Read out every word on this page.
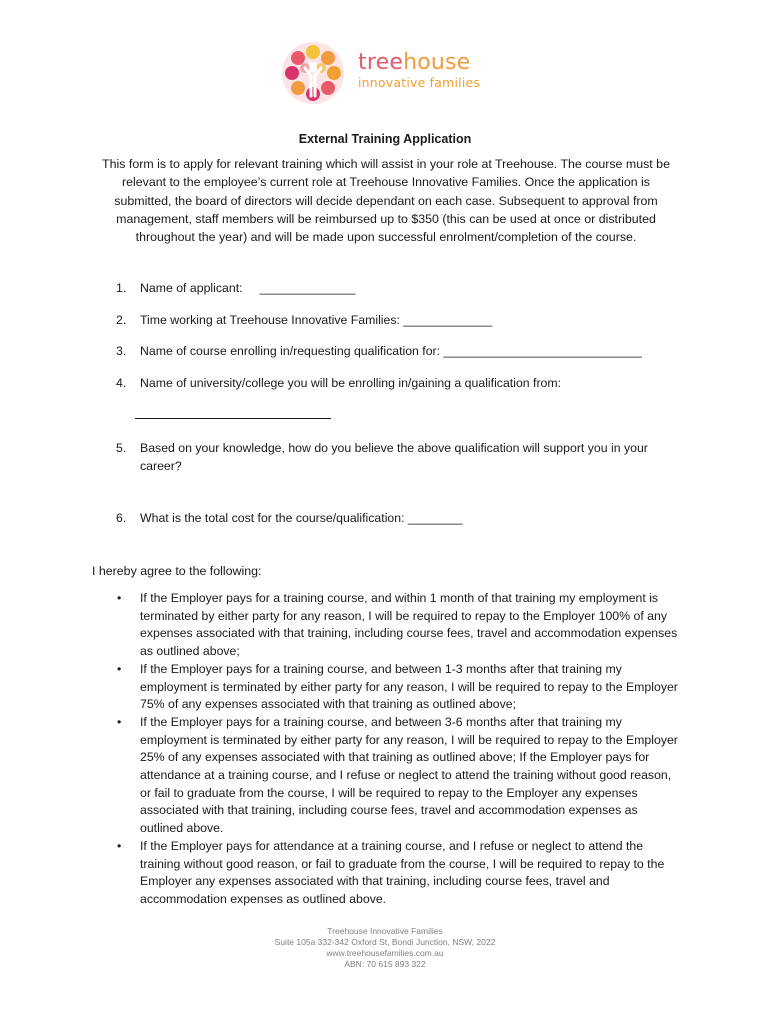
treehouse
innovative families
External Training Application
This form is to apply for relevant training which will assist in your role at Treehouse. The course must be relevant to the employee’s current role at Treehouse Innovative Families. Once the application is submitted, the board of directors will decide dependant on each case. Subsequent to approval from management, staff members will be reimbursed up to $350 (this can be used at once or distributed throughout the year) and will be made upon successful enrolment/completion of the course.
1. Name of applicant:     ______________
2. Time working at Treehouse Innovative Families: _____________
3. Name of course enrolling in/requesting qualification for: _____________________________
4. Name of university/college you will be enrolling in/gaining a qualification from:
5. Based on your knowledge, how do you believe the above qualification will support you in your career?
6. What is the total cost for the course/qualification: ________
I hereby agree to the following:
• If the Employer pays for a training course, and within 1 month of that training my employment is terminated by either party for any reason, I will be required to repay to the Employer 100% of any expenses associated with that training, including course fees, travel and accommodation expenses as outlined above;
• If the Employer pays for a training course, and between 1-3 months after that training my employment is terminated by either party for any reason, I will be required to repay to the Employer 75% of any expenses associated with that training as outlined above;
• If the Employer pays for a training course, and between 3-6 months after that training my employment is terminated by either party for any reason, I will be required to repay to the Employer 25% of any expenses associated with that training as outlined above; If the Employer pays for attendance at a training course, and I refuse or neglect to attend the training without good reason, or fail to graduate from the course, I will be required to repay to the Employer any expenses associated with that training, including course fees, travel and accommodation expenses as outlined above.
• If the Employer pays for attendance at a training course, and I refuse or neglect to attend the training without good reason, or fail to graduate from the course, I will be required to repay to the Employer any expenses associated with that training, including course fees, travel and accommodation expenses as outlined above.
Treehouse Innovative Families
Suite 105a 332-342 Oxford St, Bondi Junction, NSW, 2022
www.treehousefamilies.com.au
ABN: 70 615 893 322
